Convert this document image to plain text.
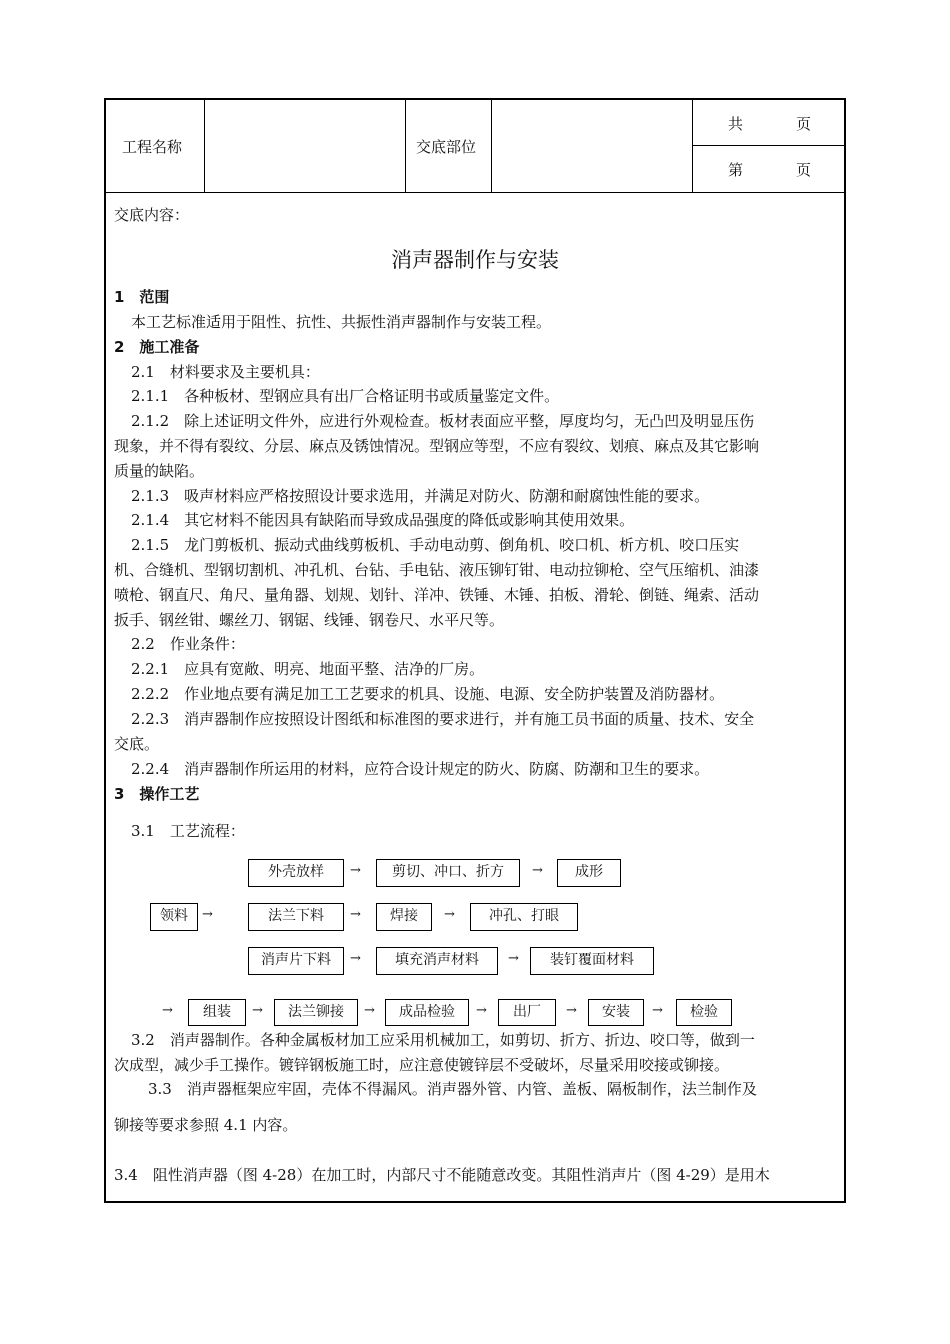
工程名称	交底部位
共	页
第	页
交底内容：
消声器制作与安装
1　范围
本工艺标准适用于阻性、抗性、共振性消声器制作与安装工程。
2　施工准备
2.1　材料要求及主要机具：
2.1.1　各种板材、型钢应具有出厂合格证明书或质量鉴定文件。
2.1.2　除上述证明文件外，应进行外观检查。板材表面应平整，厚度均匀，无凸凹及明显压伤
现象，并不得有裂纹、分层、麻点及锈蚀情况。型钢应等型，不应有裂纹、划痕、麻点及其它影响
质量的缺陷。
2.1.3　吸声材料应严格按照设计要求选用，并满足对防火、防潮和耐腐蚀性能的要求。
2.1.4　其它材料不能因具有缺陷而导致成品强度的降低或影响其使用效果。
2.1.5　龙门剪板机、振动式曲线剪板机、手动电动剪、倒角机、咬口机、析方机、咬口压实
机、合缝机、型钢切割机、冲孔机、台钻、手电钻、液压铆钉钳、电动拉铆枪、空气压缩机、油漆
喷枪、钢直尺、角尺、量角器、划规、划针、洋冲、铁锤、木锤、拍板、滑轮、倒链、绳索、活动
扳手、钢丝钳、螺丝刀、钢锯、线锤、钢卷尺、水平尺等。
2.2　作业条件：
2.2.1　应具有宽敞、明亮、地面平整、洁净的厂房。
2.2.2　作业地点要有满足加工工艺要求的机具、设施、电源、安全防护装置及消防器材。
2.2.3　消声器制作应按照设计图纸和标准图的要求进行，并有施工员书面的质量、技术、安全
交底。
2.2.4　消声器制作所运用的材料，应符合设计规定的防火、防腐、防潮和卫生的要求。
3　操作工艺
3.1　工艺流程：
领料	→
外壳放样	→	剪切、冲口、折方	→	成形
法兰下料	→	焊接	→	冲孔、打眼
消声片下料	→	填充消声材料	→	装钉覆面材料
→	组装	→	法兰铆接	→	成品检验	→	出厂	→	安装	→	检验
3.2　消声器制作。各种金属板材加工应采用机械加工，如剪切、折方、折边、咬口等，做到一
次成型，减少手工操作。镀锌钢板施工时，应注意使镀锌层不受破坏，尽量采用咬接或铆接。
3.3　消声器框架应牢固，壳体不得漏风。消声器外管、内管、盖板、隔板制作，法兰制作及
铆接等要求参照 4.1 内容。
3.4　阻性消声器（图 4-28）在加工时，内部尺寸不能随意改变。其阻性消声片（图 4-29）是用木
